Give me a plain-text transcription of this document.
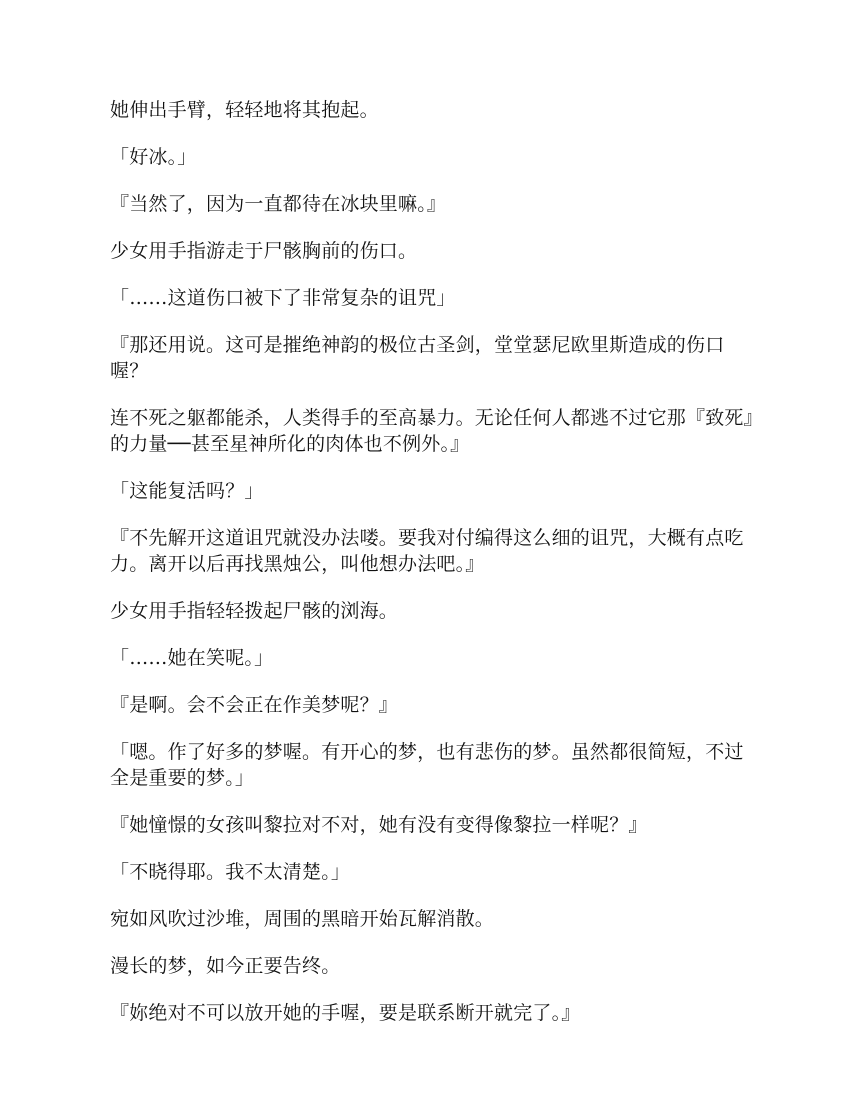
她伸出手臂，轻轻地将其抱起。

「好冰。」

『当然了，因为一直都待在冰块里嘛。』

少女用手指游走于尸骸胸前的伤口。

「……这道伤口被下了非常复杂的诅咒」

『那还用说。这可是摧绝神韵的极位古圣剑，堂堂瑟尼欧里斯造成的伤口喔？

连不死之躯都能杀，人类得手的至高暴力。无论任何人都逃不过它那『致死』的力量──甚至星神所化的肉体也不例外。』

「这能复活吗？」

『不先解开这道诅咒就没办法喽。要我对付编得这么细的诅咒，大概有点吃力。离开以后再找黑烛公，叫他想办法吧。』

少女用手指轻轻拨起尸骸的浏海。

「……她在笑呢。」

『是啊。会不会正在作美梦呢？』

「嗯。作了好多的梦喔。有开心的梦，也有悲伤的梦。虽然都很简短，不过全是重要的梦。」

『她憧憬的女孩叫黎拉对不对，她有没有变得像黎拉一样呢？』

「不晓得耶。我不太清楚。」

宛如风吹过沙堆，周围的黑暗开始瓦解消散。

漫长的梦，如今正要告终。

『妳绝对不可以放开她的手喔，要是联系断开就完了。』
